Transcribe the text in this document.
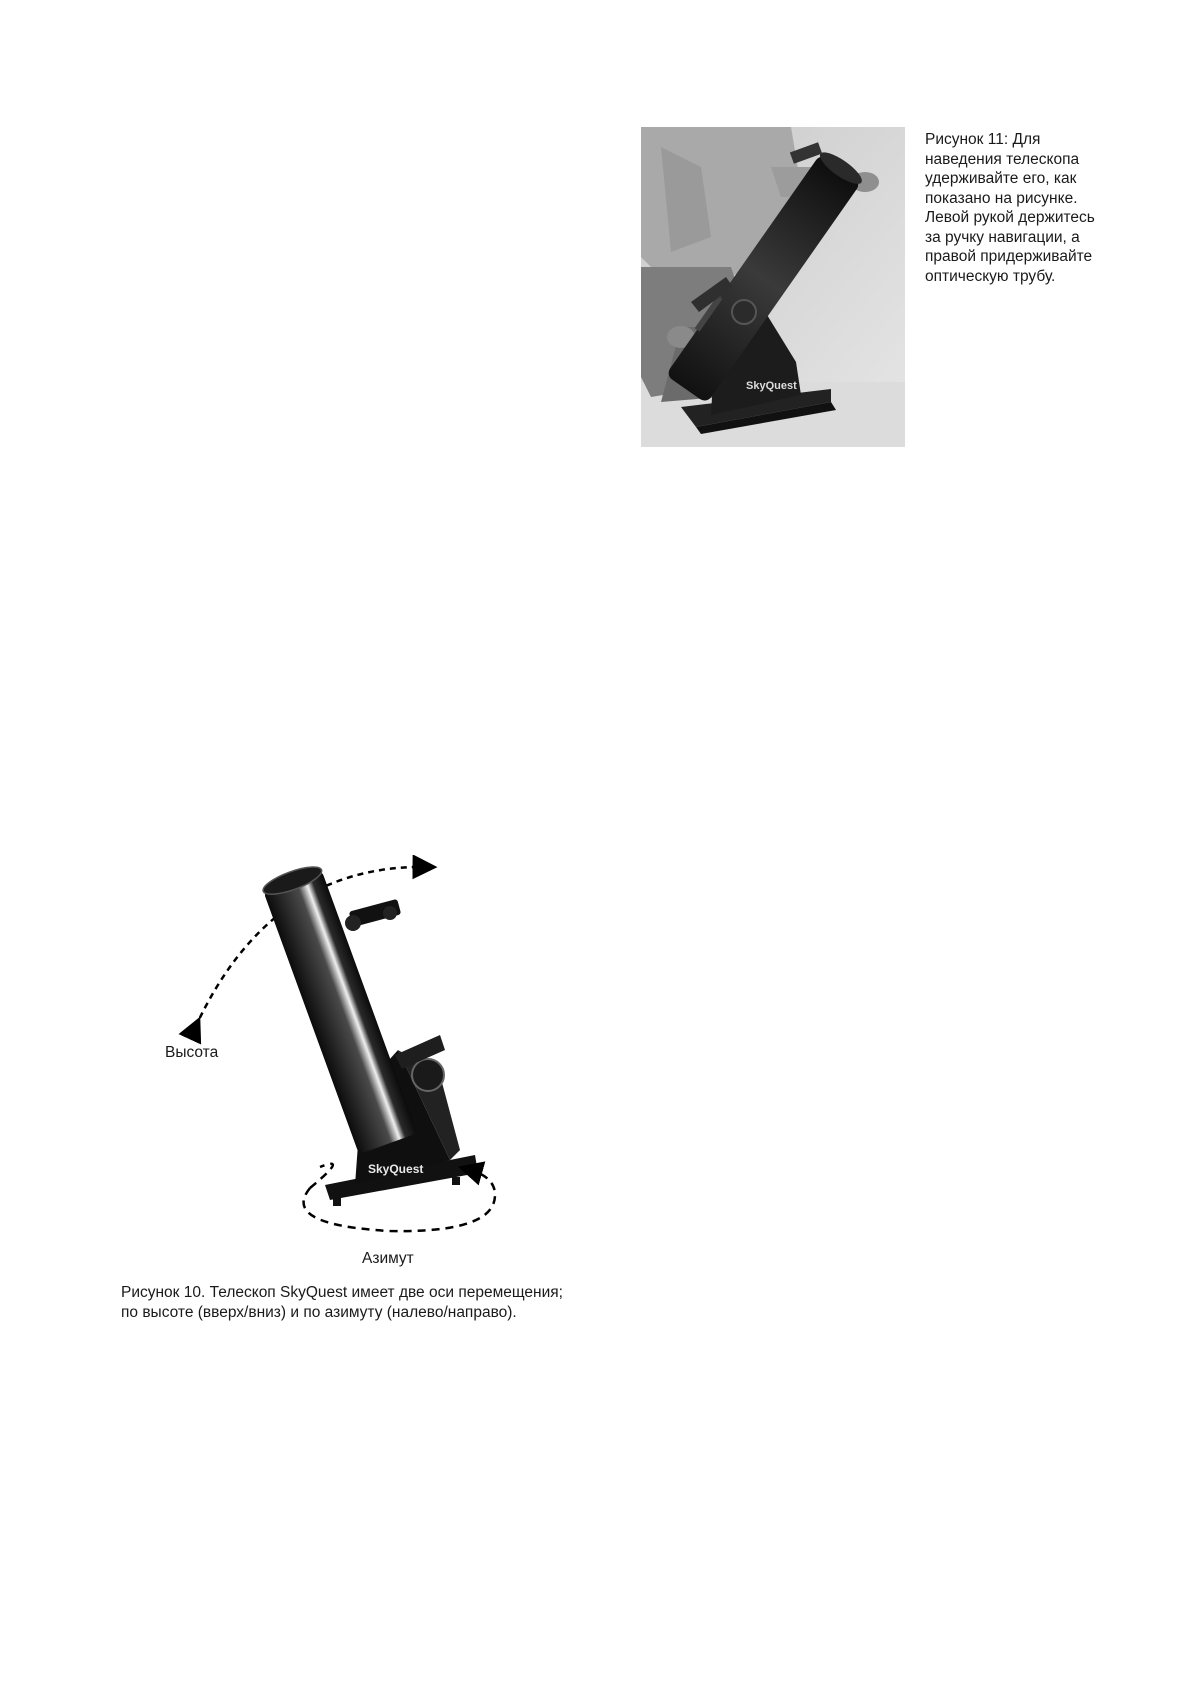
SkyQuest
Рисунок 11: Для
наведения телескопа
удерживайте его, как
показано на рисунке.
Левой рукой держитесь
за ручку навигации, а
правой придерживайте
оптическую трубу.
SkyQuest
Высота
Азимут
Рисунок 10. Телескоп SkyQuest имеет две оси перемещения;
по высоте (вверх/вниз) и по азимуту (налево/направо).
